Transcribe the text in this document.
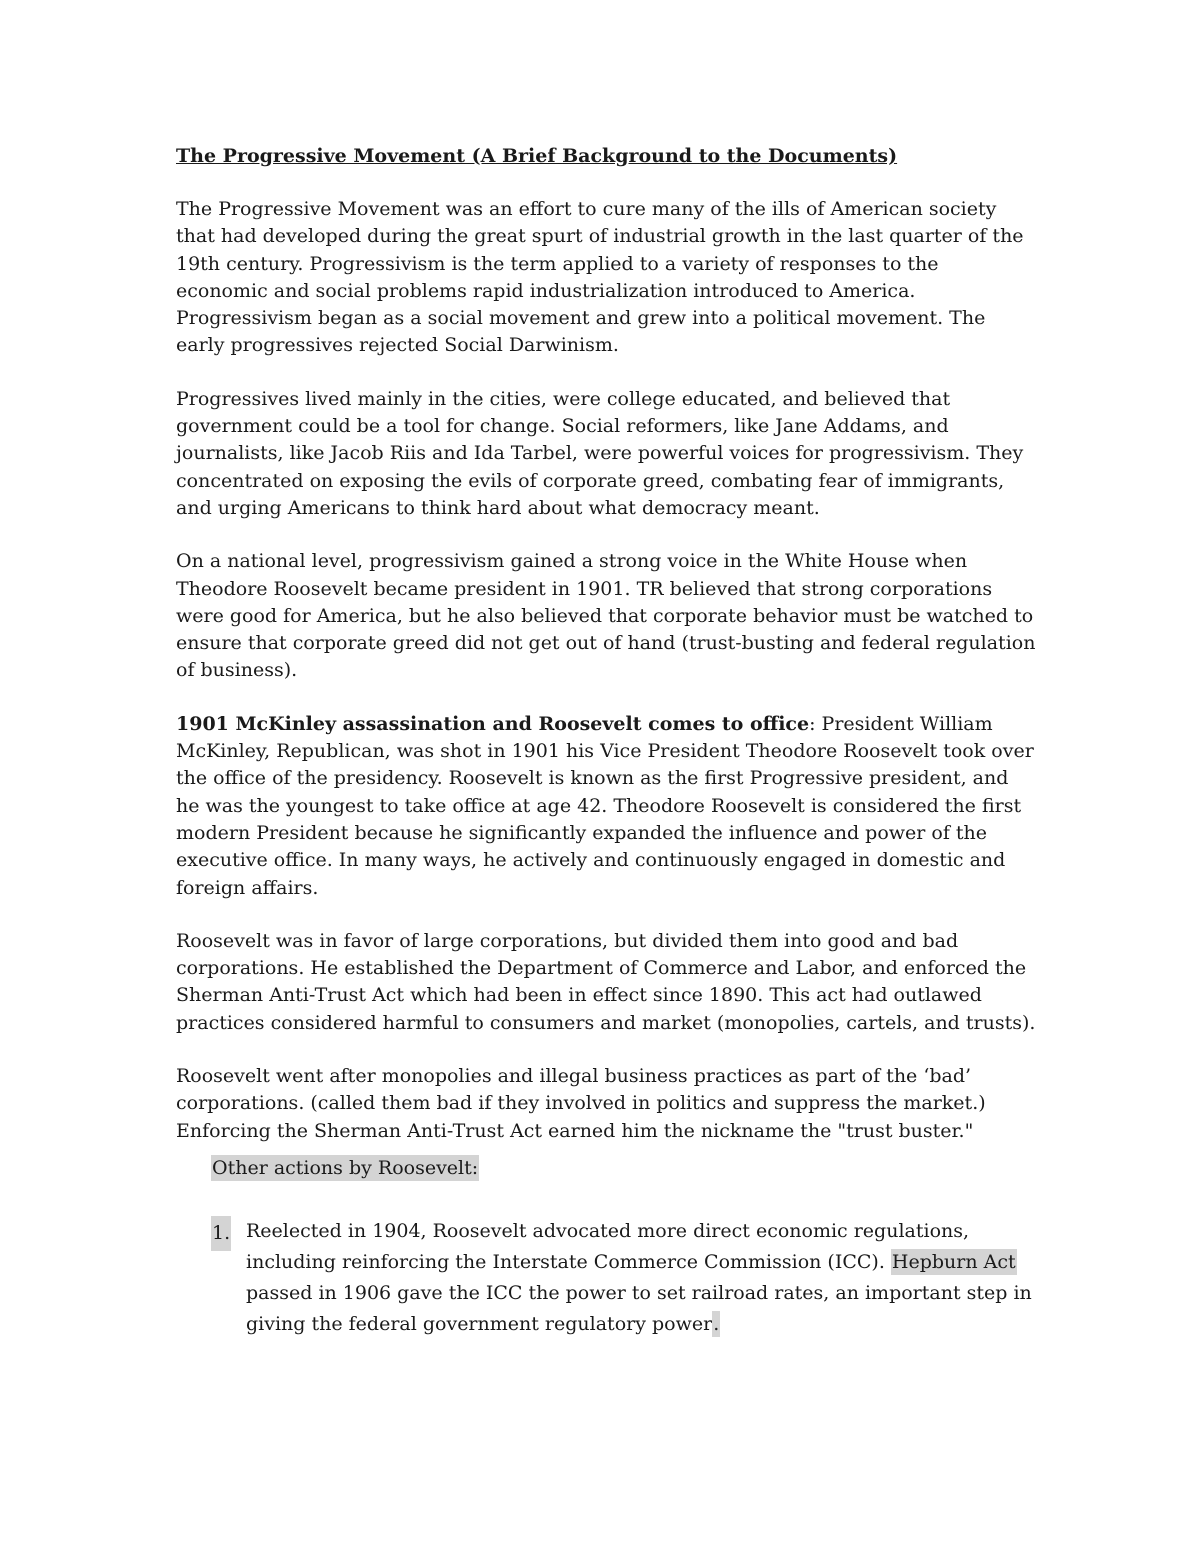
The Progressive Movement (A Brief Background to the Documents)

The Progressive Movement was an effort to cure many of the ills of American society that had developed during the great spurt of industrial growth in the last quarter of the 19th century. Progressivism is the term applied to a variety of responses to the economic and social problems rapid industrialization introduced to America. Progressivism began as a social movement and grew into a political movement. The early progressives rejected Social Darwinism.

Progressives lived mainly in the cities, were college educated, and believed that government could be a tool for change. Social reformers, like Jane Addams, and journalists, like Jacob Riis and Ida Tarbel, were powerful voices for progressivism. They concentrated on exposing the evils of corporate greed, combating fear of immigrants, and urging Americans to think hard about what democracy meant.

On a national level, progressivism gained a strong voice in the White House when Theodore Roosevelt became president in 1901. TR believed that strong corporations were good for America, but he also believed that corporate behavior must be watched to ensure that corporate greed did not get out of hand (trust-busting and federal regulation of business).

1901 McKinley assassination and Roosevelt comes to office: President William McKinley, Republican, was shot in 1901 his Vice President Theodore Roosevelt took over the office of the presidency. Roosevelt is known as the first Progressive president, and he was the youngest to take office at age 42. Theodore Roosevelt is considered the first modern President because he significantly expanded the influence and power of the executive office. In many ways, he actively and continuously engaged in domestic and foreign affairs.

Roosevelt was in favor of large corporations, but divided them into good and bad corporations. He established the Department of Commerce and Labor, and enforced the Sherman Anti-Trust Act which had been in effect since 1890. This act had outlawed practices considered harmful to consumers and market (monopolies, cartels, and trusts).

Roosevelt went after monopolies and illegal business practices as part of the ‘bad’ corporations. (called them bad if they involved in politics and suppress the market.) Enforcing the Sherman Anti-Trust Act earned him the nickname the "trust buster."

Other actions by Roosevelt:
1. Reelected in 1904, Roosevelt advocated more direct economic regulations, including reinforcing the Interstate Commerce Commission (ICC). Hepburn Act passed in 1906 gave the ICC the power to set railroad rates, an important step in giving the federal government regulatory power.
